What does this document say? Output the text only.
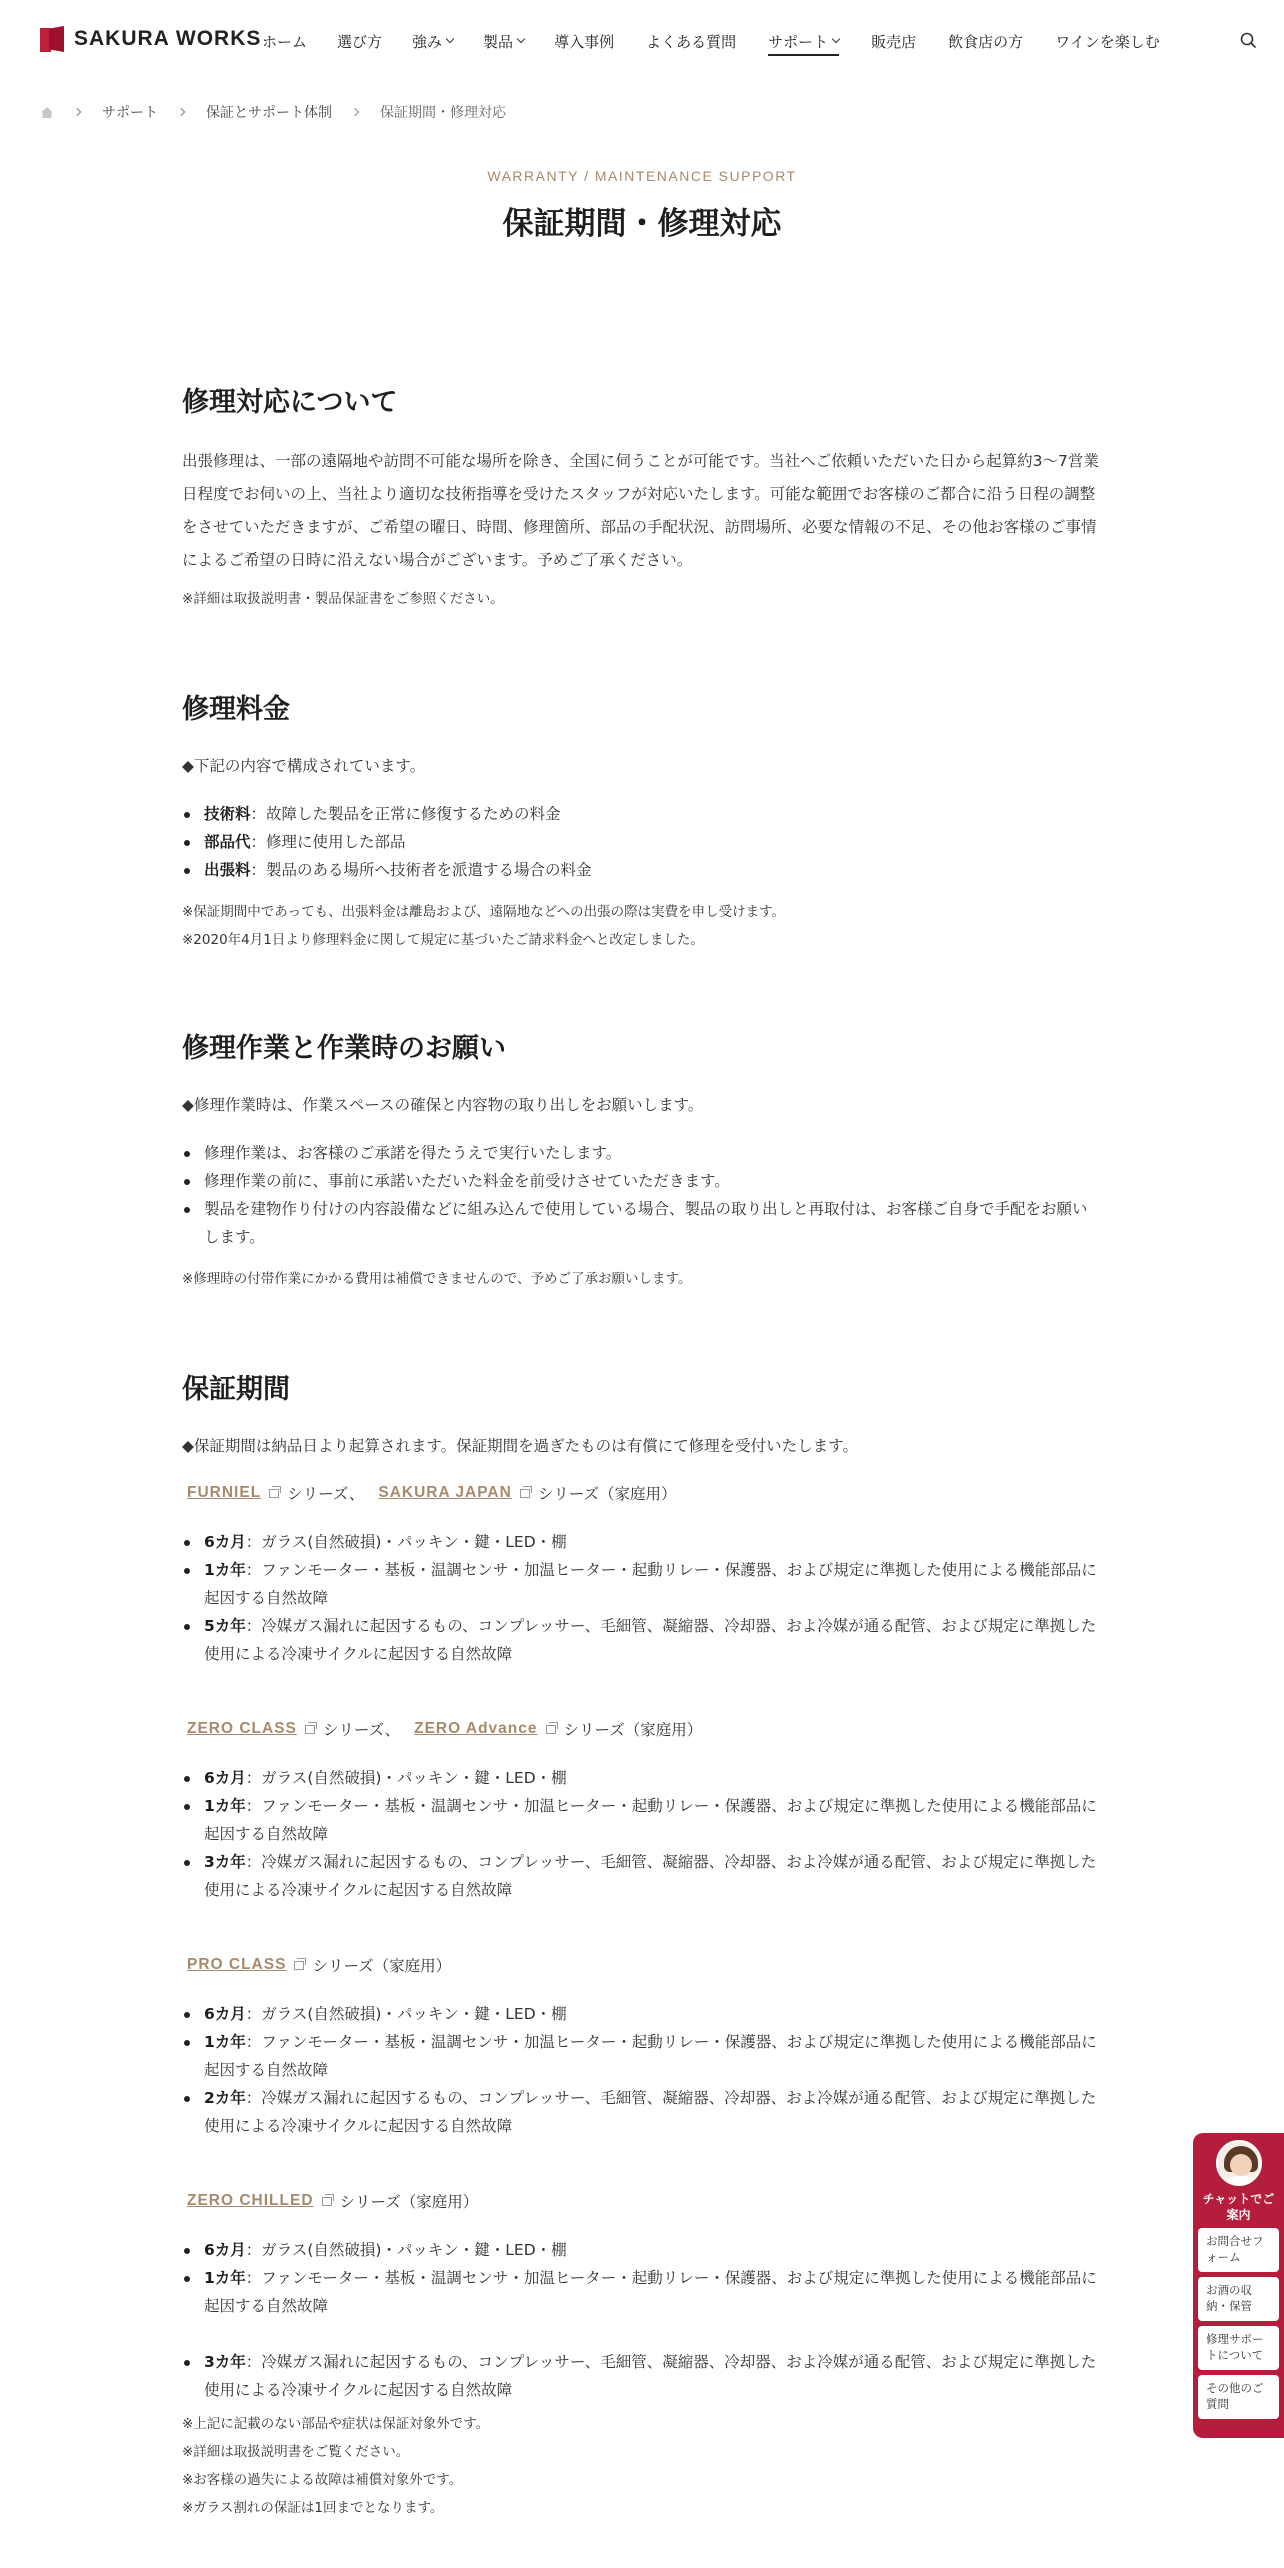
SAKURA WORKS ホーム 選び方 強み	製品	導入事例 よくある質問 サポート	販売店 飲食店の方 ワインを楽しむ
サポート	保証とサポート体制	保証期間・修理対応
WARRANTY / MAINTENANCE SUPPORT
保証期間・修理対応
修理対応について

出張修理は、一部の遠隔地や訪問不可能な場所を除き、全国に伺うことが可能です。当社へご依頼いただいた日から起算約3～7営業日程度でお伺いの上、当社より適切な技術指導を受けたスタッフが対応いたします。可能な範囲でお客様のご都合に沿う日程の調整をさせていただきますが、ご希望の曜日、時間、修理箇所、部品の手配状況、訪問場所、必要な情報の不足、その他お客様のご事情によるご希望の日時に沿えない場合がございます。予めご了承ください。

※詳細は取扱説明書・製品保証書をご参照ください。

修理料金

◆下記の内容で構成されています。

技術料：故障した製品を正常に修復するための料金
部品代：修理に使用した部品
出張料：製品のある場所へ技術者を派遣する場合の料金

※保証期間中であっても、出張料金は離島および、遠隔地などへの出張の際は実費を申し受けます。

※2020年4月1日より修理料金に関して規定に基づいたご請求料金へと改定しました。

修理作業と作業時のお願い

◆修理作業時は、作業スペースの確保と内容物の取り出しをお願いします。

修理作業は、お客様のご承諾を得たうえで実行いたします。
修理作業の前に、事前に承諾いただいた料金を前受けさせていただきます。
製品を建物作り付けの内容設備などに組み込んで使用している場合、製品の取り出しと再取付は、お客様ご自身で手配をお願いします。

※修理時の付帯作業にかかる費用は補償できませんので、予めご了承お願いします。

保証期間

◆保証期間は納品日より起算されます。保証期間を過ぎたものは有償にて修理を受付いたします。

FURNIEL シリーズ、 SAKURA JAPAN シリーズ（家庭用）
6カ月：ガラス(自然破損)・パッキン・鍵・LED・棚
1カ年：ファンモーター・基板・温調センサ・加温ヒーター・起動リレー・保護器、および規定に準拠した使用による機能部品に起因する自然故障
5カ年：冷媒ガス漏れに起因するもの、コンプレッサー、毛細管、凝縮器、冷却器、およ冷媒が通る配管、および規定に準拠した使用による冷凍サイクルに起因する自然故障
ZERO CLASS シリーズ、 ZERO Advance シリーズ（家庭用）
6カ月：ガラス(自然破損)・パッキン・鍵・LED・棚
1カ年：ファンモーター・基板・温調センサ・加温ヒーター・起動リレー・保護器、および規定に準拠した使用による機能部品に起因する自然故障
3カ年：冷媒ガス漏れに起因するもの、コンプレッサー、毛細管、凝縮器、冷却器、およ冷媒が通る配管、および規定に準拠した使用による冷凍サイクルに起因する自然故障
PRO CLASS シリーズ（家庭用）
6カ月：ガラス(自然破損)・パッキン・鍵・LED・棚
1カ年：ファンモーター・基板・温調センサ・加温ヒーター・起動リレー・保護器、および規定に準拠した使用による機能部品に起因する自然故障
2カ年：冷媒ガス漏れに起因するもの、コンプレッサー、毛細管、凝縮器、冷却器、およ冷媒が通る配管、および規定に準拠した使用による冷凍サイクルに起因する自然故障
ZERO CHILLED シリーズ（家庭用）
6カ月：ガラス(自然破損)・パッキン・鍵・LED・棚
1カ年：ファンモーター・基板・温調センサ・加温ヒーター・起動リレー・保護器、および規定に準拠した使用による機能部品に起因する自然故障
3カ年：冷媒ガス漏れに起因するもの、コンプレッサー、毛細管、凝縮器、冷却器、およ冷媒が通る配管、および規定に準拠した使用による冷凍サイクルに起因する自然故障

※上記に記載のない部品や症状は保証対象外です。

※詳細は取扱説明書をご覧ください。

※お客様の過失による故障は補償対象外です。

※ガラス割れの保証は1回までとなります。

チャットでご案内
お問合せフォーム
お酒の収納・保管
修理サポートについて
その他のご質問
